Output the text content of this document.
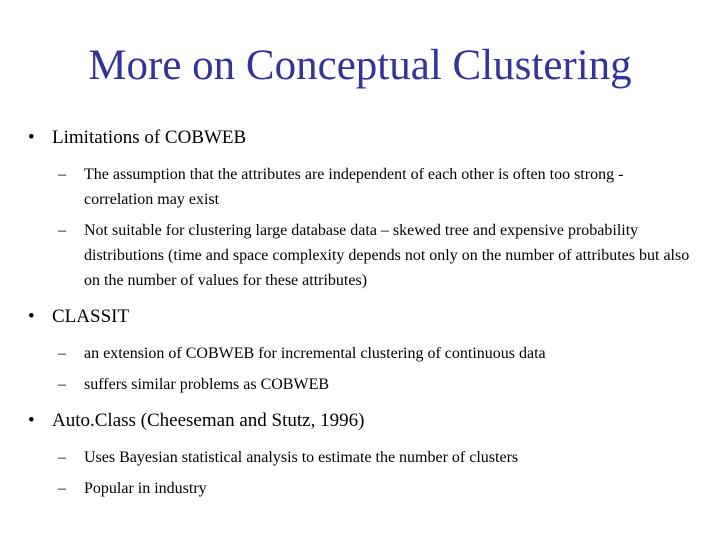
More on Conceptual Clustering
• Limitations of COBWEB
– The assumption that the attributes are independent of each other is often too strong - correlation may exist
– Not suitable for clustering large database data – skewed tree and expensive probability distributions (time and space complexity depends not only on the number of attributes but also on the number of values for these attributes)
• CLASSIT
– an extension of COBWEB for incremental clustering of continuous data
– suffers similar problems as COBWEB
• Auto.Class (Cheeseman and Stutz, 1996)
– Uses Bayesian statistical analysis to estimate the number of clusters
– Popular in industry
